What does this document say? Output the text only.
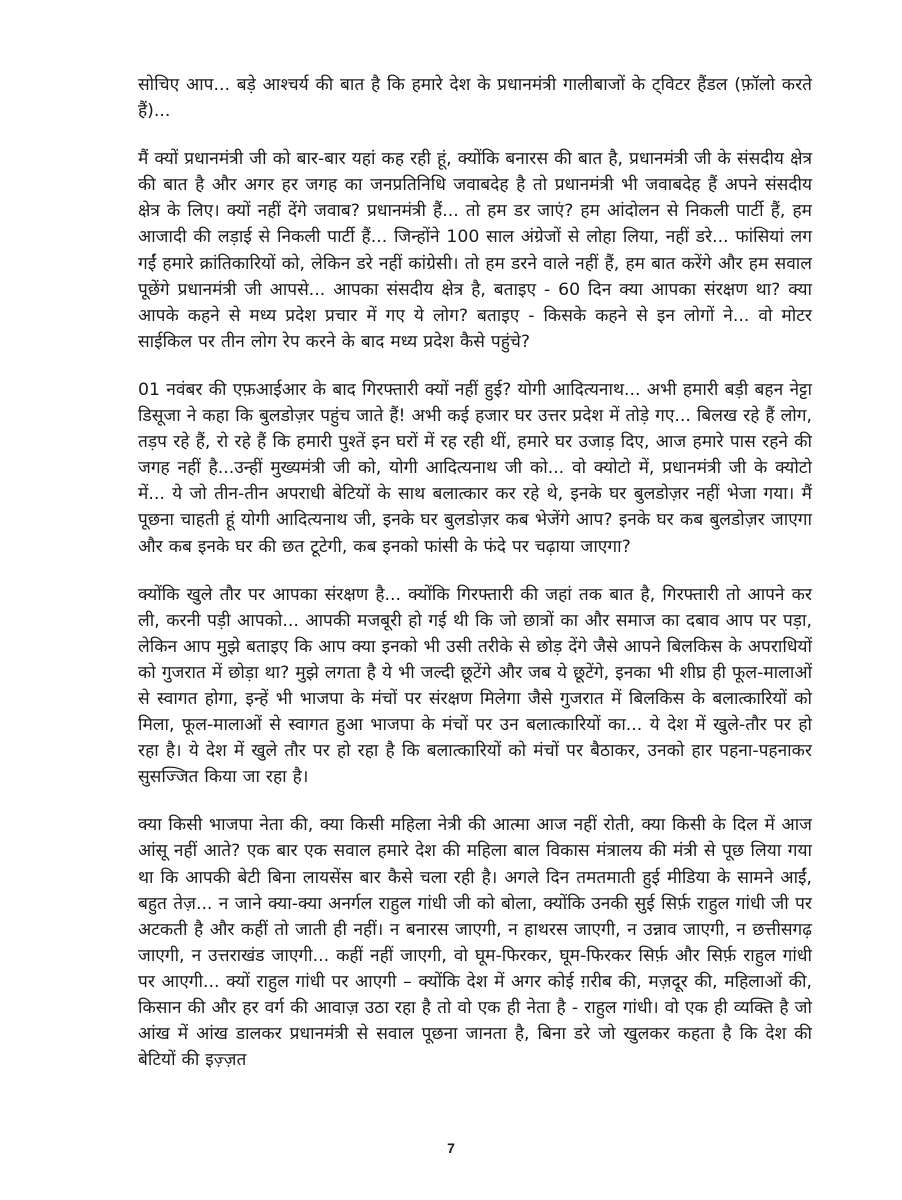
सोचिए आप... बड़े आश्चर्य की बात है कि हमारे देश के प्रधानमंत्री गालीबाजों के ट्विटर हैंडल (फ़ॉलो करते हैं)...

मैं क्यों प्रधानमंत्री जी को बार-बार यहां कह रही हूं, क्योंकि बनारस की बात है, प्रधानमंत्री जी के संसदीय क्षेत्र की बात है और अगर हर जगह का जनप्रतिनिधि जवाबदेह है तो प्रधानमंत्री भी जवाबदेह हैं अपने संसदीय क्षेत्र के लिए। क्यों नहीं देंगे जवाब? प्रधानमंत्री हैं... तो हम डर जाएं? हम आंदोलन से निकली पार्टी हैं, हम आजादी की लड़ाई से निकली पार्टी हैं... जिन्होंने 100 साल अंग्रेजों से लोहा लिया, नहीं डरे... फांसियां लग गईं हमारे क्रांतिकारियों को, लेकिन डरे नहीं कांग्रेसी। तो हम डरने वाले नहीं हैं, हम बात करेंगे और हम सवाल पूछेंगे प्रधानमंत्री जी आपसे... आपका संसदीय क्षेत्र है, बताइए - 60 दिन क्या आपका संरक्षण था? क्या आपके कहने से मध्य प्रदेश प्रचार में गए ये लोग? बताइए - किसके कहने से इन लोगों ने... वो मोटर साईकिल पर तीन लोग रेप करने के बाद मध्य प्रदेश कैसे पहुंचे?

01 नवंबर की एफ़आईआर के बाद गिरफ्तारी क्यों नहीं हुई? योगी आदित्यनाथ... अभी हमारी बड़ी बहन नेट्टा डिसूजा ने कहा कि बुलडोज़र पहुंच जाते हैं! अभी कई हजार घर उत्तर प्रदेश में तोड़े गए... बिलख रहे हैं लोग, तड़प रहे हैं, रो रहे हैं कि हमारी पुश्तें इन घरों में रह रही थीं, हमारे घर उजाड़ दिए, आज हमारे पास रहने की जगह नहीं है...उन्हीं मुख्यमंत्री जी को, योगी आदित्यनाथ जी को... वो क्योटो में, प्रधानमंत्री जी के क्योटो में... ये जो तीन-तीन अपराधी बेटियों के साथ बलात्कार कर रहे थे, इनके घर बुलडोज़र नहीं भेजा गया। मैं पूछना चाहती हूं योगी आदित्यनाथ जी, इनके घर बुलडोज़र कब भेजेंगे आप? इनके घर कब बुलडोज़र जाएगा और कब इनके घर की छत टूटेगी, कब इनको फांसी के फंदे पर चढ़ाया जाएगा?

क्योंकि खुले तौर पर आपका संरक्षण है... क्योंकि गिरफ्तारी की जहां तक बात है, गिरफ्तारी तो आपने कर ली, करनी पड़ी आपको... आपकी मजबूरी हो गई थी कि जो छात्रों का और समाज का दबाव आप पर पड़ा, लेकिन आप मुझे बताइए कि आप क्या इनको भी उसी तरीके से छोड़ देंगे जैसे आपने बिलकिस के अपराधियों को गुजरात में छोड़ा था? मुझे लगता है ये भी जल्दी छूटेंगे और जब ये छूटेंगे, इनका भी शीघ्र ही फूल-मालाओं से स्वागत होगा, इन्हें भी भाजपा के मंचों पर संरक्षण मिलेगा जैसे गुजरात में बिलकिस के बलात्कारियों को मिला, फूल-मालाओं से स्वागत हुआ भाजपा के मंचों पर उन बलात्कारियों का... ये देश में खुले-तौर पर हो रहा है। ये देश में खुले तौर पर हो रहा है कि बलात्कारियों को मंचों पर बैठाकर, उनको हार पहना-पहनाकर सुसज्जित किया जा रहा है।

क्या किसी भाजपा नेता की, क्या किसी महिला नेत्री की आत्मा आज नहीं रोती, क्या किसी के दिल में आज आंसू नहीं आते? एक बार एक सवाल हमारे देश की महिला बाल विकास मंत्रालय की मंत्री से पूछ लिया गया था कि आपकी बेटी बिना लायसेंस बार कैसे चला रही है। अगले दिन तमतमाती हुई मीडिया के सामने आईं, बहुत तेज़... न जाने क्या-क्या अनर्गल राहुल गांधी जी को बोला, क्योंकि उनकी सुई सिर्फ़ राहुल गांधी जी पर अटकती है और कहीं तो जाती ही नहीं। न बनारस जाएगी, न हाथरस जाएगी, न उन्नाव जाएगी, न छत्तीसगढ़ जाएगी, न उत्तराखंड जाएगी... कहीं नहीं जाएगी, वो घूम-फिरकर, घूम-फिरकर सिर्फ़ और सिर्फ़ राहुल गांधी पर आएगी... क्यों राहुल गांधी पर आएगी – क्योंकि देश में अगर कोई ग़रीब की, मज़दूर की, महिलाओं की, किसान की और हर वर्ग की आवाज़ उठा रहा है तो वो एक ही नेता है - राहुल गांधी। वो एक ही व्यक्ति है जो आंख में आंख डालकर प्रधानमंत्री से सवाल पूछना जानता है, बिना डरे जो खुलकर कहता है कि देश की बेटियों की इज़्ज़त

7
